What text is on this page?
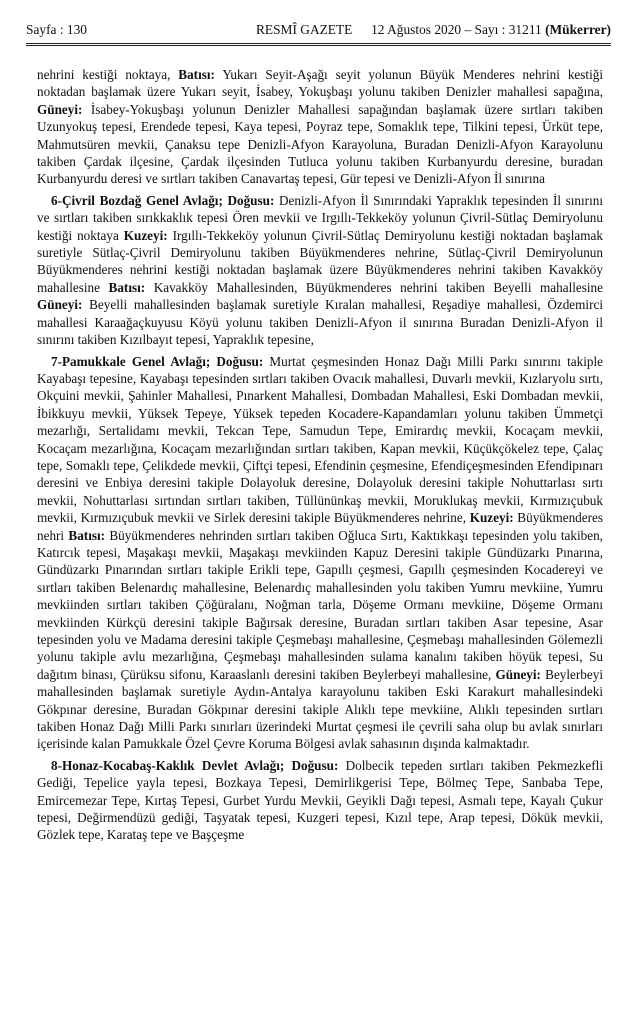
Sayfa : 130	RESMÎ GAZETE 12 Ağustos 2020 – Sayı : 31211 (Mükerrer)

nehrini kestiği noktaya, Batısı: Yukarı Seyit-Aşağı seyit yolunun Büyük Menderes nehrini kestiği noktadan başlamak üzere Yukarı seyit, İsabey, Yokuşbaşı yolunu takiben Denizler mahallesi sapağına, Güneyi: İsabey-Yokuşbaşı yolunun Denizler Mahallesi sapağından başlamak üzere sırtları takiben Uzunyokuş tepesi, Erendede tepesi, Kaya tepesi, Poyraz tepe, Somaklık tepe, Tilkini tepesi, Ürküt tepe, Mahmutsüren mevkii, Çanaksu tepe Denizli-Afyon Karayoluna, Buradan Denizli-Afyon Karayolunu takiben Çardak ilçesine, Çardak ilçesinden Tutluca yolunu takiben Kurbanyurdu deresine, buradan Kurbanyurdu deresi ve sırtları takiben Canavartaş tepesi, Gür tepesi ve Denizli-Afyon İl sınırına

6-Çivril Bozdağ Genel Avlağı; Doğusu: Denizli-Afyon İl Sınırındaki Yapraklık tepesinden İl sınırını ve sırtları takiben sırıkkaklık tepesi Ören mevkii ve Irgıllı-Tekkeköy yolunun Çivril-Sütlaç Demiryolunu kestiği noktaya Kuzeyi: Irgıllı-Tekkeköy yolunun Çivril-Sütlaç Demiryolunu kestiği noktadan başlamak suretiyle Sütlaç-Çivril Demiryolunu takiben Büyükmenderes nehrine, Sütlaç-Çivril Demiryolunun Büyükmenderes nehrini kestiği noktadan başlamak üzere Büyükmenderes nehrini takiben Kavakköy mahallesine Batısı: Kavakköy Mahallesinden, Büyükmenderes nehrini takiben Beyelli mahallesine Güneyi: Beyelli mahallesinden başlamak suretiyle Kıralan mahallesi, Reşadiye mahallesi, Özdemirci mahallesi Karaağaçkuyusu Köyü yolunu takiben Denizli-Afyon il sınırına Buradan Denizli-Afyon il sınırını takiben Kızılbayıt tepesi, Yapraklık tepesine,

7-Pamukkale Genel Avlağı; Doğusu: Murtat çeşmesinden Honaz Dağı Milli Parkı sınırını takiple Kayabaşı tepesine, Kayabaşı tepesinden sırtları takiben Ovacık mahallesi, Duvarlı mevkii, Kızlaryolu sırtı, Okçuini mevkii, Şahinler Mahallesi, Pınarkent Mahallesi, Dombadan Mahallesi, Eski Dombadan mevkii, İbikkuyu mevkii, Yüksek Tepeye, Yüksek tepeden Kocadere-Kapandamları yolunu takiben Ümmetçi mezarlığı, Sertalidamı mevkii, Tekcan Tepe, Samudun Tepe, Emirardıç mevkii, Kocaçam mevkii, Kocaçam mezarlığına, Kocaçam mezarlığından sırtları takiben, Kapan mevkii, Küçükçökelez tepe, Çalaç tepe, Somaklı tepe, Çelikdede mevkii, Çiftçi tepesi, Efendinin çeşmesine, Efendiçeşmesinden Efendipınarı deresini ve Enbiya deresini takiple Dolayoluk deresine, Dolayoluk deresini takiple Nohuttarlası sırtı mevkii, Nohuttarlası sırtından sırtları takiben, Tüllününkaş mevkii, Moruklukaş mevkii, Kırmızıçubuk mevkii, Kırmızıçubuk mevkii ve Sirlek deresini takiple Büyükmenderes nehrine, Kuzeyi: Büyükmenderes nehri Batısı: Büyükmenderes nehrinden sırtları takiben Oğluca Sırtı, Kaktıkkaşı tepesinden yolu takiben, Katırcık tepesi, Maşakaşı mevkii, Maşakaşı mevkiinden Kapuz Deresini takiple Gündüzarkı Pınarına, Gündüzarkı Pınarından sırtları takiple Erikli tepe, Gapıllı çeşmesi, Gapıllı çeşmesinden Kocadereyi ve sırtları takiben Belenardıç mahallesine, Belenardıç mahallesinden yolu takiben Yumru mevkiine, Yumru mevkiinden sırtları takiben Çöğüralanı, Noğman tarla, Döşeme Ormanı mevkiine, Döşeme Ormanı mevkiinden Kürkçü deresini takiple Bağırsak deresine, Buradan sırtları takiben Asar tepesine, Asar tepesinden yolu ve Madama deresini takiple Çeşmebaşı mahallesine, Çeşmebaşı mahallesinden Gölemezli yolunu takiple avlu mezarlığına, Çeşmebaşı mahallesinden sulama kanalını takiben höyük tepesi, Su dağıtım binası, Çürüksu sifonu, Karaaslanlı deresini takiben Beylerbeyi mahallesine, Güneyi: Beylerbeyi mahallesinden başlamak suretiyle Aydın-Antalya karayolunu takiben Eski Karakurt mahallesindeki Gökpınar deresine, Buradan Gökpınar deresini takiple Alıklı tepe mevkiine, Alıklı tepesinden sırtları takiben Honaz Dağı Milli Parkı sınırları üzerindeki Murtat çeşmesi ile çevrili saha olup bu avlak sınırları içerisinde kalan Pamukkale Özel Çevre Koruma Bölgesi avlak sahasının dışında kalmaktadır.

8-Honaz-Kocabaş-Kaklık Devlet Avlağı; Doğusu: Dolbecik tepeden sırtları takiben Pekmezkefli Gediği, Tepelice yayla tepesi, Bozkaya Tepesi, Demirlikgerisi Tepe, Bölmeç Tepe, Sanbaba Tepe, Emircemezar Tepe, Kırtaş Tepesi, Gurbet Yurdu Mevkii, Geyikli Dağı tepesi, Asmalı tepe, Kayalı Çukur tepesi, Değirmendüzü gediği, Taşyatak tepesi, Kuzgeri tepesi, Kızıl tepe, Arap tepesi, Dökük mevkii, Gözlek tepe, Karataş tepe ve Başçeşme
